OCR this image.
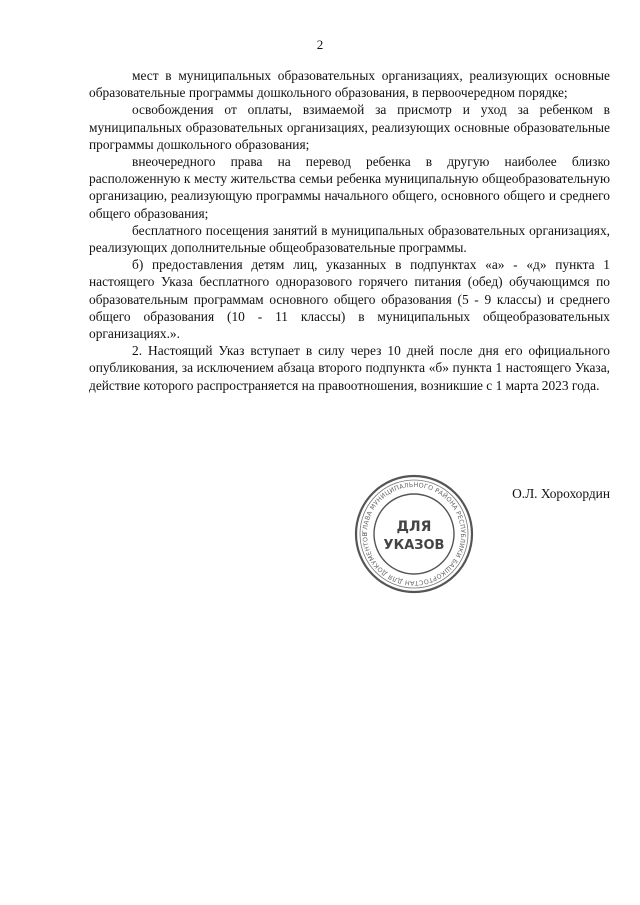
2

мест в муниципальных образовательных организациях, реализующих основные образовательные программы дошкольного образования, в первоочередном порядке;

освобождения от оплаты, взимаемой за присмотр и уход за ребенком в муниципальных образовательных организациях, реализующих основные образовательные программы дошкольного образования;

внеочередного права на перевод ребенка в другую наиболее близко расположенную к месту жительства семьи ребенка муниципальную общеобразовательную организацию, реализующую программы начального общего, основного общего и среднего общего образования;

бесплатного посещения занятий в муниципальных образовательных организациях, реализующих дополнительные общеобразовательные программы.

б) предоставления детям лиц, указанных в подпунктах «а» - «д» пункта 1 настоящего Указа бесплатного одноразового горячего питания (обед) обучающимся по образовательным программам основного общего образования (5 - 9 классы) и среднего общего образования (10 - 11 классы) в муниципальных общеобразовательных организациях.».

2. Настоящий Указ вступает в силу через 10 дней после дня его официального опубликования, за исключением абзаца второго подпункта «б» пункта 1 настоящего Указа, действие которого распространяется на правоотношения, возникшие с 1 марта 2023 года.

ГЛАВА МУНИЦИПАЛЬНОГО РАЙОНА РЕСПУБЛИКИ БАШКОРТОСТАН ДЛЯ ДОКУМЕНТОВ	ДЛЯ
УКАЗОВ
О.Л. Хорохордин
